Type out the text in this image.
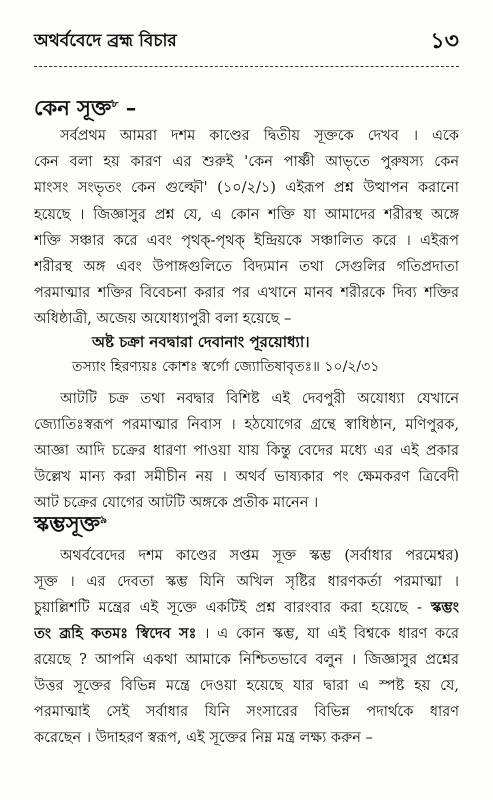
অথর্ববেদে ব্রহ্ম বিচার	১৩
কেন সূক্ত$^৮$ –
সর্বপ্রথম আমরা দশম কাণ্ডের দ্বিতীয় সূক্তকে দেখব । একে
কেন বলা হয় কারণ এর শুরুই 'কেন পার্ষ্ণী আভৃতে পুরুষস্য কেন
মাংসং সংভৃতং কেন গুল্ফৌ' (১০/২/১) এইরূপ প্রশ্ন উত্থাপন করানো
হয়েছে । জিজ্ঞাসুর প্রশ্ন যে, এ কোন শক্তি যা আমাদের শরীরস্থ অঙ্গে
শক্তি সঞ্চার করে এবং পৃথক্-পৃথক্ ইন্দ্রিয়কে সঞ্চালিত করে । এইরূপ
শরীরস্থ অঙ্গ এবং উপাঙ্গগুলিতে বিদ্যমান তথা সেগুলির গতিপ্রদাতা
পরমাত্মার শক্তির বিবেচনা করার পর এখানে মানব শরীরকে দিব্য শক্তির
অধিষ্ঠাত্রী, অজেয় অযোধ্যাপুরী বলা হয়েছে –
অষ্ট চক্রা নবদ্বারা দেবানাং পূরয়োধ্যা।
তস্যাং হিরণ্যয়ঃ কোশঃ স্বর্গো জ্যোতিষাবৃতঃ॥ ১০/২/৩১
আটটি চক্র তথা নবদ্বার বিশিষ্ট এই দেবপুরী অযোধ্যা যেখানে
জ্যোতিঃস্বরূপ পরমাত্মার নিবাস । হঠযোগের গ্রন্থে স্বাধিষ্ঠান, মণিপুরক,
আজ্ঞা আদি চক্রের ধারণা পাওয়া যায় কিন্তু বেদের মধ্যে এর এই প্রকার
উল্লেখ মান্য করা সমীচীন নয় । অথর্ব ভাষ্যকার পং ক্ষেমকরণ ত্রিবেদী
আট চক্রের যোগের আটটি অঙ্গকে প্রতীক মানেন ।
স্কম্ভসূক্ত$^৯$
অথর্ববেদের দশম কাণ্ডের সপ্তম সূক্ত স্কম্ভ (সর্বাধার পরমেশ্বর)
সূক্ত । এর দেবতা স্কম্ভ যিনি অখিল সৃষ্টির ধারণকর্তা পরমাত্মা ।
চুয়াল্লিশটি মন্ত্রের এই সূক্তে একটিই প্রশ্ন বারংবার করা হয়েছে - স্কম্ভং
তং ব্রূহি কতমঃ স্বিদেব সঃ । এ কোন স্কম্ভ, যা এই বিশ্বকে ধারণ করে
রয়েছে ? আপনি একথা আমাকে নিশ্চিতভাবে বলুন । জিজ্ঞাসুর প্রশ্নের
উত্তর সূক্তের বিভিন্ন মন্ত্রে দেওয়া হয়েছে যার দ্বারা এ স্পষ্ট হয় যে,
পরমাত্মাই সেই সর্বাধার যিনি সংসারের বিভিন্ন পদার্থকে ধারণ
করেছেন । উদাহরণ স্বরূপ, এই সূক্তের নিম্ন মন্ত্র লক্ষ্য করুন –
